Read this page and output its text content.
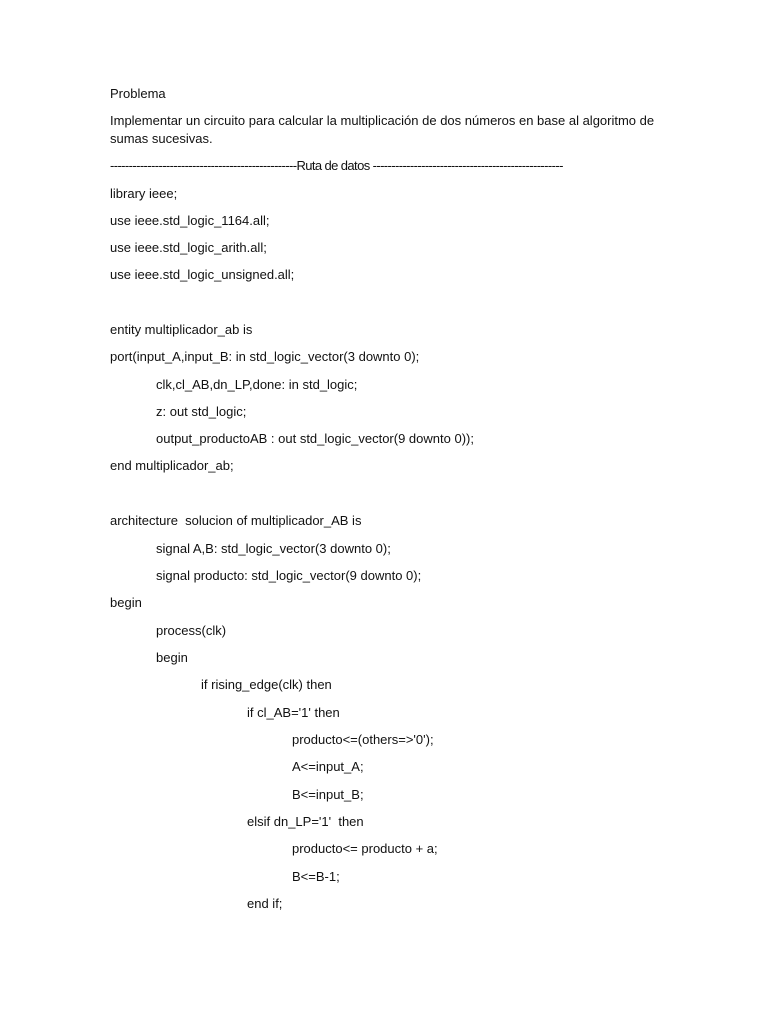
Problema
Implementar un circuito para calcular la multiplicación de dos números en base al algoritmo de
sumas sucesivas.
--------------------------------------------------Ruta de datos ---------------------------------------------------
library ieee;
use ieee.std_logic_1164.all;
use ieee.std_logic_arith.all;
use ieee.std_logic_unsigned.all;
entity multiplicador_ab is
port(input_A,input_B: in std_logic_vector(3 downto 0);
clk,cl_AB,dn_LP,done: in std_logic;
z: out std_logic;
output_productoAB : out std_logic_vector(9 downto 0));
end multiplicador_ab;
architecture  solucion of multiplicador_AB is
signal A,B: std_logic_vector(3 downto 0);
signal producto: std_logic_vector(9 downto 0);
begin
process(clk)
begin
if rising_edge(clk) then
if cl_AB='1' then
producto<=(others=>'0');
A<=input_A;
B<=input_B;
elsif dn_LP='1'  then
producto<= producto + a;
B<=B-1;
end if;
